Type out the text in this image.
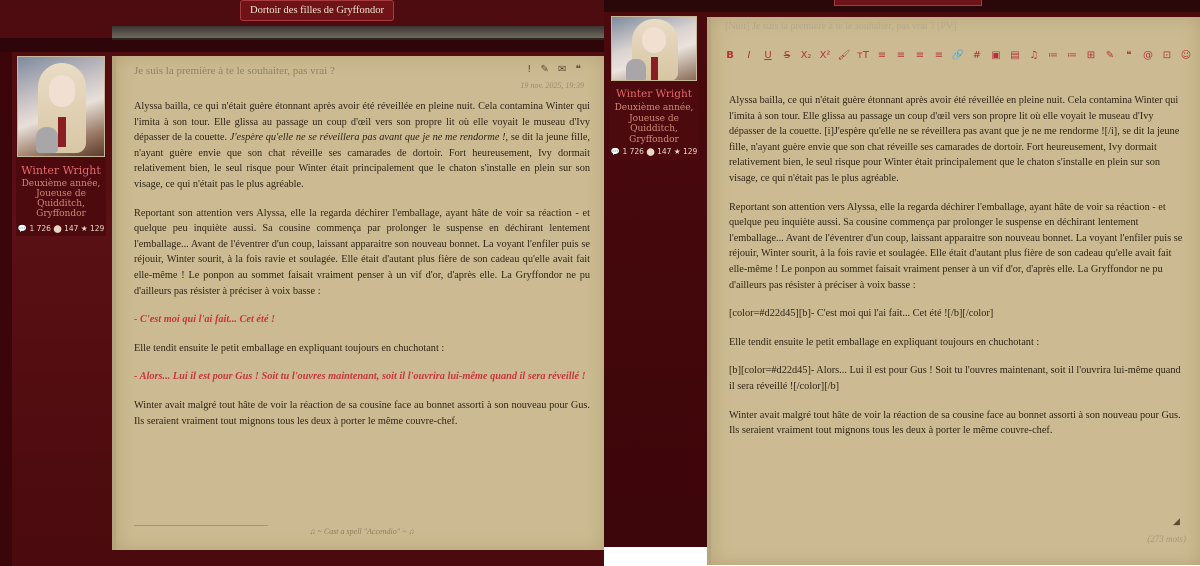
Dortoir des filles de Gryffondor
Winter Wright
Deuxième année, Joueuse de Quidditch, Gryffondor
💬 1 726 ⬤ 147 ★ 129
Je suis la première à te le souhaiter, pas vrai ?	! ✎ ✉ ❝
19 nov. 2025, 19:39

Alyssa bailla, ce qui n'était guère étonnant après avoir été réveillée en pleine nuit. Cela contamina Winter qui l'imita à son tour. Elle glissa au passage un coup d'œil vers son propre lit où elle voyait le museau d'Ivy dépasser de la couette. J'espère qu'elle ne se réveillera pas avant que je ne me rendorme !, se dit la jeune fille, n'ayant guère envie que son chat réveille ses camarades de dortoir. Fort heureusement, Ivy dormait relativement bien, le seul risque pour Winter était principalement que le chaton s'installe en plein sur son visage, ce qui n'était pas le plus agréable.

Reportant son attention vers Alyssa, elle la regarda déchirer l'emballage, ayant hâte de voir sa réaction - et quelque peu inquiète aussi. Sa cousine commença par prolonger le suspense en déchirant lentement l'emballage... Avant de l'éventrer d'un coup, laissant apparaitre son nouveau bonnet. La voyant l'enfiler puis se réjouir, Winter sourit, à la fois ravie et soulagée. Elle était d'autant plus fière de son cadeau qu'elle avait fait elle-même ! Le ponpon au sommet faisait vraiment penser à un vif d'or, d'après elle. La Gryffondor ne pu d'ailleurs pas résister à préciser à voix basse :

- C'est moi qui l'ai fait... Cet été !

Elle tendit ensuite le petit emballage en expliquant toujours en chuchotant :

- Alors... Lui il est pour Gus ! Soit tu l'ouvres maintenant, soit il l'ouvrira lui-même quand il sera réveillé !

Winter avait malgré tout hâte de voir la réaction de sa cousine face au bonnet assorti à son nouveau pour Gus. Ils seraient vraiment tout mignons tous les deux à porter le même couvre-chef.

♫ ~ Cast a spell "Accendio" ~ ♫
Winter Wright
Deuxième année, Joueuse de Quidditch, Gryffondor
💬 1 726 ⬤ 147 ★ 129
[Nuit] Je suis la première à te le souhaiter, pas vrai ? [PV]
B I U S X₂ X² 🖌 ᴛT ≡ ≡ ≡ ≡ 🔗 # ▣ ▤ ♫ ≔ ≔ ⊞ ✎ ❝ @ ⊡ ☺

Alyssa bailla, ce qui n'était guère étonnant après avoir été réveillée en pleine nuit. Cela contamina Winter qui l'imita à son tour. Elle glissa au passage un coup d'œil vers son propre lit où elle voyait le museau d'Ivy dépasser de la couette. [i]J'espère qu'elle ne se réveillera pas avant que je ne me rendorme ![/i], se dit la jeune fille, n'ayant guère envie que son chat réveille ses camarades de dortoir. Fort heureusement, Ivy dormait relativement bien, le seul risque pour Winter était principalement que le chaton s'installe en plein sur son visage, ce qui n'était pas le plus agréable.

Reportant son attention vers Alyssa, elle la regarda déchirer l'emballage, ayant hâte de voir sa réaction - et quelque peu inquiète aussi. Sa cousine commença par prolonger le suspense en déchirant lentement l'emballage... Avant de l'éventrer d'un coup, laissant apparaitre son nouveau bonnet. La voyant l'enfiler puis se réjouir, Winter sourit, à la fois ravie et soulagée. Elle était d'autant plus fière de son cadeau qu'elle avait fait elle-même ! Le ponpon au sommet faisait vraiment penser à un vif d'or, d'après elle. La Gryffondor ne pu d'ailleurs pas résister à préciser à voix basse :

[color=#d22d45][b]- C'est moi qui l'ai fait... Cet été ![/b][/color]

Elle tendit ensuite le petit emballage en expliquant toujours en chuchotant :

[b][color=#d22d45]- Alors... Lui il est pour Gus ! Soit tu l'ouvres maintenant, soit il l'ouvrira lui-même quand il sera réveillé ![/color][/b]

Winter avait malgré tout hâte de voir la réaction de sa cousine face au bonnet assorti à son nouveau pour Gus. Ils seraient vraiment tout mignons tous les deux à porter le même couvre-chef.

◢
(273 mots)
